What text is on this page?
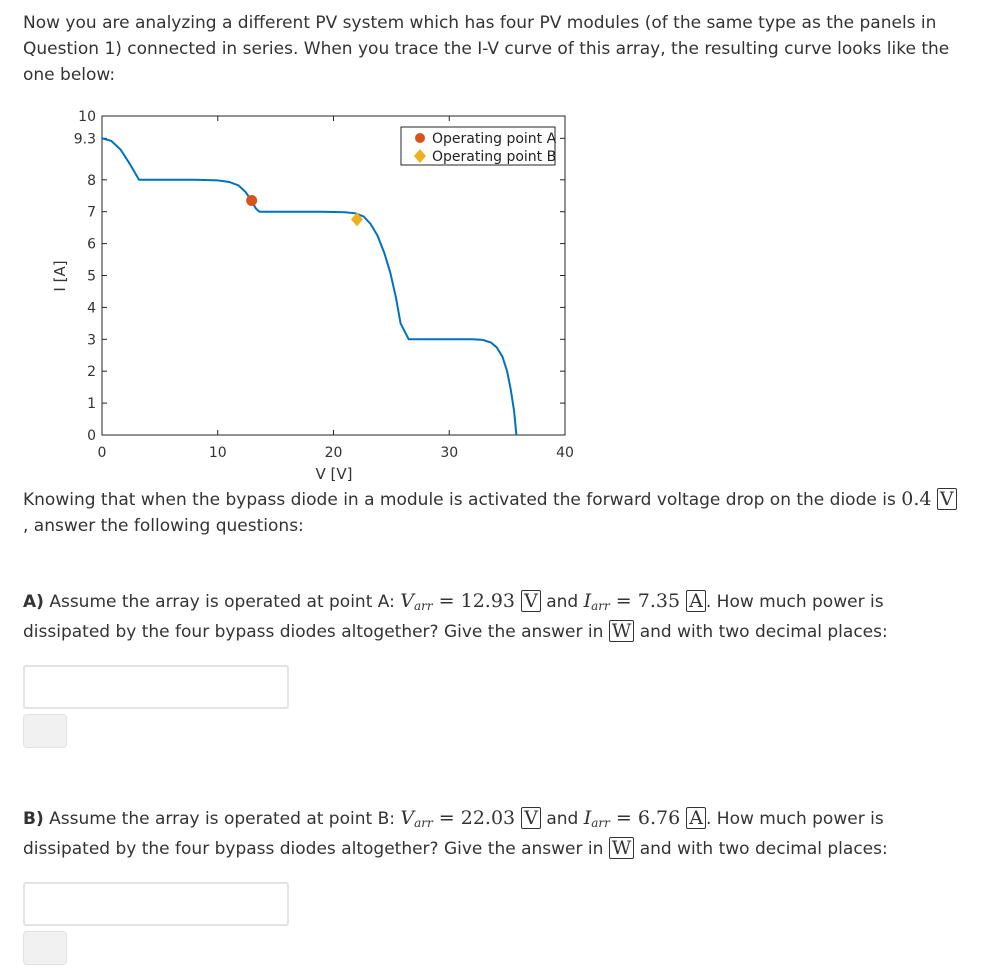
Now you are analyzing a different PV system which has four PV modules (of the same type as the panels in Question 1) connected in series. When you trace the I-V curve of this array, the resulting curve looks like the one below:

0
1
2
3
4
5
6
7
8
9.3
10
0	10	20	30	40
I [A]
V [V]
Operating point A
Operating point B

Knowing that when the bypass diode in a module is activated the forward voltage drop on the diode is 0.4 V
, answer the following questions:

A) Assume the array is operated at point A: $V_{arr} = 12.93$ V and $I_{arr} = 7.35$ A . How much power is dissipated by the four bypass diodes altogether? Give the answer in W and with two decimal places:

B) Assume the array is operated at point B: $V_{arr} = 22.03$ V and $I_{arr} = 6.76$ A . How much power is dissipated by the four bypass diodes altogether? Give the answer in W and with two decimal places:
